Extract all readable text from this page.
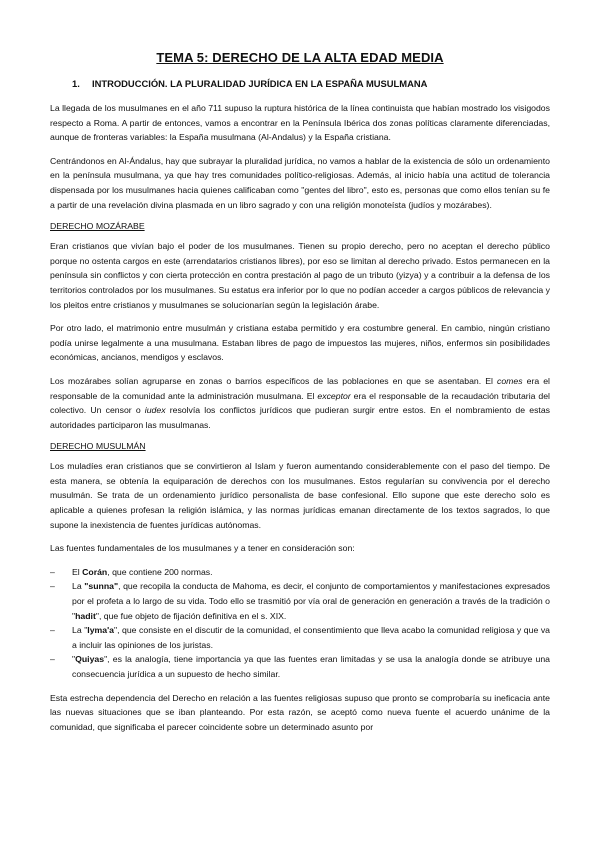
TEMA 5: DERECHO DE LA ALTA EDAD MEDIA
1. INTRODUCCIÓN. LA PLURALIDAD JURÍDICA EN LA ESPAÑA MUSULMANA

La llegada de los musulmanes en el año 711 supuso la ruptura histórica de la línea continuista que habían mostrado los visigodos respecto a Roma. A partir de entonces, vamos a encontrar en la Península Ibérica dos zonas políticas claramente diferenciadas, aunque de fronteras variables: la España musulmana (Al-Andalus) y la España cristiana.

Centrándonos en Al-Ándalus, hay que subrayar la pluralidad jurídica, no vamos a hablar de la existencia de sólo un ordenamiento en la península musulmana, ya que hay tres comunidades político-religiosas. Además, al inicio había una actitud de tolerancia dispensada por los musulmanes hacia quienes calificaban como "gentes del libro", esto es, personas que como ellos tenían su fe a partir de una revelación divina plasmada en un libro sagrado y con una religión monoteísta (judíos y mozárabes).

DERECHO MOZÁRABE

Eran cristianos que vivían bajo el poder de los musulmanes. Tienen su propio derecho, pero no aceptan el derecho público porque no ostenta cargos en este (arrendatarios cristianos libres), por eso se limitan al derecho privado. Estos permanecen en la península sin conflictos y con cierta protección en contra prestación al pago de un tributo (yizya) y a contribuir a la defensa de los territorios controlados por los musulmanes. Su estatus era inferior por lo que no podían acceder a cargos públicos de relevancia y los pleitos entre cristianos y musulmanes se solucionarían según la legislación árabe.

Por otro lado, el matrimonio entre musulmán y cristiana estaba permitido y era costumbre general. En cambio, ningún cristiano podía unirse legalmente a una musulmana. Estaban libres de pago de impuestos las mujeres, niños, enfermos sin posibilidades económicas, ancianos, mendigos y esclavos.

Los mozárabes solían agruparse en zonas o barrios específicos de las poblaciones en que se asentaban. El comes era el responsable de la comunidad ante la administración musulmana. El exceptor era el responsable de la recaudación tributaria del colectivo. Un censor o iudex resolvía los conflictos jurídicos que pudieran surgir entre estos. En el nombramiento de estas autoridades participaron las musulmanas.

DERECHO MUSULMÁN

Los muladíes eran cristianos que se convirtieron al Islam y fueron aumentando considerablemente con el paso del tiempo. De esta manera, se obtenía la equiparación de derechos con los musulmanes. Estos regularían su convivencia por el derecho musulmán. Se trata de un ordenamiento jurídico personalista de base confesional. Ello supone que este derecho solo es aplicable a quienes profesan la religión islámica, y las normas jurídicas emanan directamente de los textos sagrados, lo que supone la inexistencia de fuentes jurídicas autónomas.

Las fuentes fundamentales de los musulmanes y a tener en consideración son:

– El Corán, que contiene 200 normas.
– La "sunna", que recopila la conducta de Mahoma, es decir, el conjunto de comportamientos y manifestaciones expresados por el profeta a lo largo de su vida. Todo ello se trasmitió por vía oral de generación en generación a través de la tradición o "hadit", que fue objeto de fijación definitiva en el s. XIX.
– La "Iyma'a", que consiste en el discutir de la comunidad, el consentimiento que lleva acabo la comunidad religiosa y que va a incluir las opiniones de los juristas.
– "Quiyas", es la analogía, tiene importancia ya que las fuentes eran limitadas y se usa la analogía donde se atribuye una consecuencia jurídica a un supuesto de hecho similar.

Esta estrecha dependencia del Derecho en relación a las fuentes religiosas supuso que pronto se comprobaría su ineficacia ante las nuevas situaciones que se iban planteando. Por esta razón, se aceptó como nueva fuente el acuerdo unánime de la comunidad, que significaba el parecer coincidente sobre un determinado asunto por
